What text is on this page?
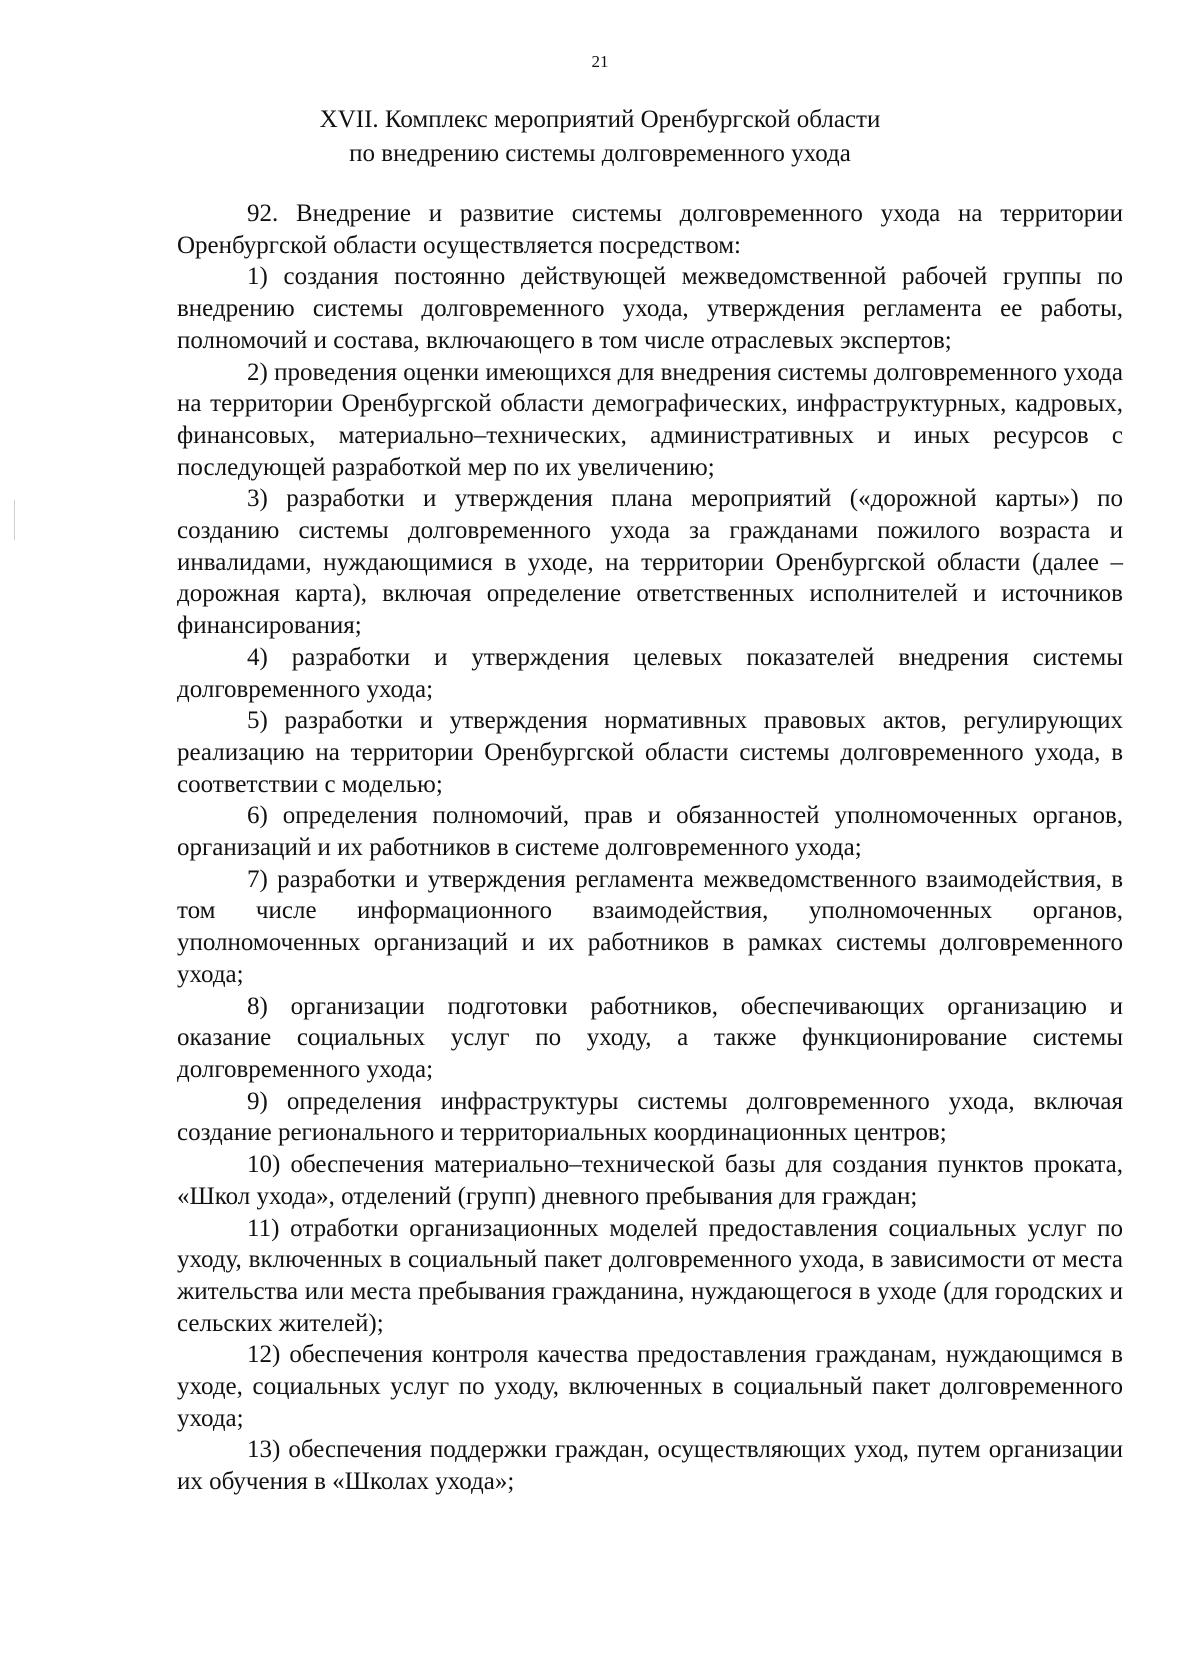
21
XVII. Комплекс мероприятий Оренбургской области
по внедрению системы долговременного ухода

92. Внедрение и развитие системы долговременного ухода на территории Оренбургской области осуществляется посредством:

1) создания постоянно действующей межведомственной рабочей группы по внедрению системы долговременного ухода, утверждения регламента ее работы, полномочий и состава, включающего в том числе отраслевых экспертов;

2) проведения оценки имеющихся для внедрения системы долговременного ухода на территории Оренбургской области демографических, инфраструктурных, кадровых, финансовых, материально–технических, административных и иных ресурсов с последующей разработкой мер по их увеличению;

3) разработки и утверждения плана мероприятий («дорожной карты») по созданию системы долговременного ухода за гражданами пожилого возраста и инвалидами, нуждающимися в уходе, на территории Оренбургской области (далее – дорожная карта), включая определение ответственных исполнителей и источников финансирования;

4) разработки и утверждения целевых показателей внедрения системы долговременного ухода;

5) разработки и утверждения нормативных правовых актов, регулирующих реализацию на территории Оренбургской области системы долговременного ухода, в соответствии с моделью;

6) определения полномочий, прав и обязанностей уполномоченных органов, организаций и их работников в системе долговременного ухода;

7) разработки и утверждения регламента межведомственного взаимодействия, в том числе информационного взаимодействия, уполномоченных органов, уполномоченных организаций и их работников в рамках системы долговременного ухода;

8) организации подготовки работников, обеспечивающих организацию и оказание социальных услуг по уходу, а также функционирование системы долговременного ухода;

9) определения инфраструктуры системы долговременного ухода, включая создание регионального и территориальных координационных центров;

10) обеспечения материально–технической базы для создания пунктов проката, «Школ ухода», отделений (групп) дневного пребывания для граждан;

11) отработки организационных моделей предоставления социальных услуг по уходу, включенных в социальный пакет долговременного ухода, в зависимости от места жительства или места пребывания гражданина, нуждающегося в уходе (для городских и сельских жителей);

12) обеспечения контроля качества предоставления гражданам, нуждающимся в уходе, социальных услуг по уходу, включенных в социальный пакет долговременного ухода;

13) обеспечения поддержки граждан, осуществляющих уход, путем организации их обучения в «Школах ухода»;
